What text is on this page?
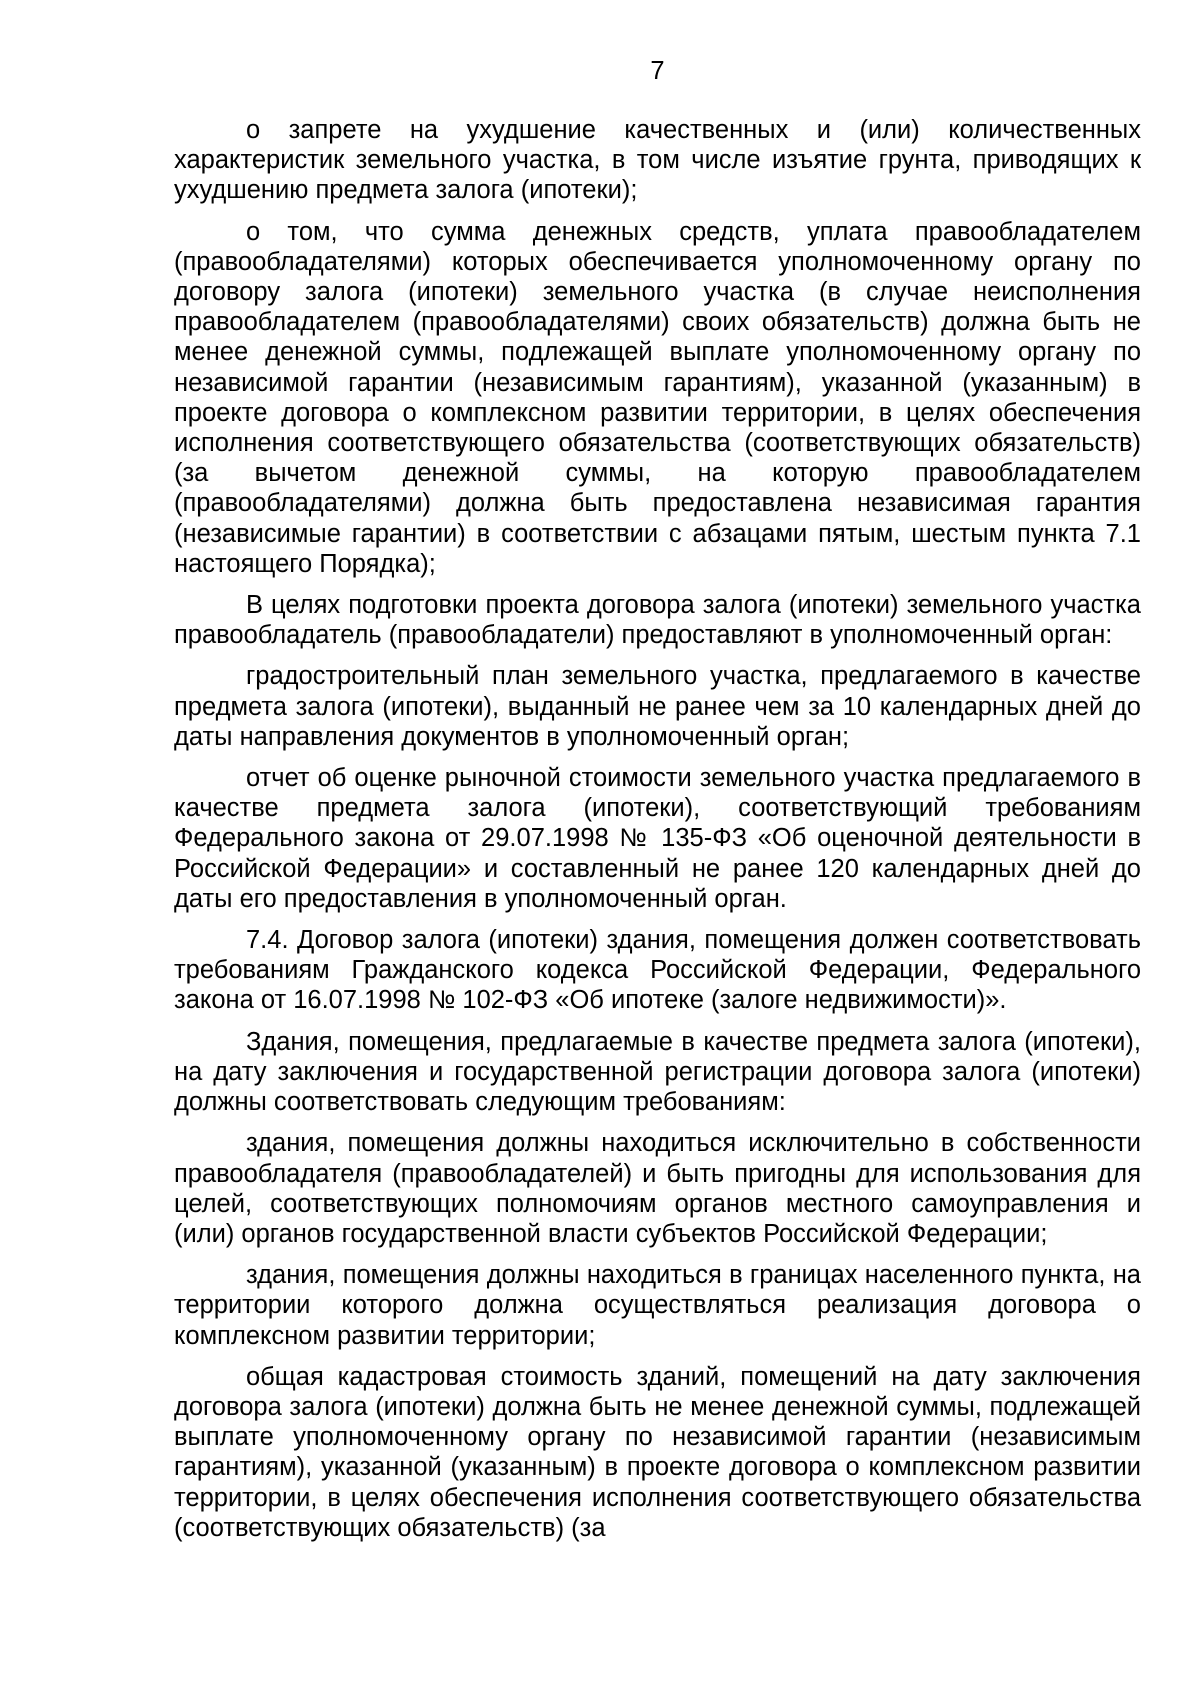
7

о запрете на ухудшение качественных и (или) количественных характеристик земельного участка, в том числе изъятие грунта, приводящих к ухудшению предмета залога (ипотеки);

о том, что сумма денежных средств, уплата правообладателем (правообладателями) которых обеспечивается уполномоченному органу по договору залога (ипотеки) земельного участка (в случае неисполнения правообладателем (правообладателями) своих обязательств) должна быть не менее денежной суммы, подлежащей выплате уполномоченному органу по независимой гарантии (независимым гарантиям), указанной (указанным) в проекте договора о комплексном развитии территории, в целях обеспечения исполнения соответствующего обязательства (соответствующих обязательств) (за вычетом денежной суммы, на которую правообладателем (правообладателями) должна быть предоставлена независимая гарантия (независимые гарантии) в соответствии с абзацами пятым, шестым пункта 7.1 настоящего Порядка);

В целях подготовки проекта договора залога (ипотеки) земельного участка правообладатель (правообладатели) предоставляют в уполномоченный орган:

градостроительный план земельного участка, предлагаемого в качестве предмета залога (ипотеки), выданный не ранее чем за 10 календарных дней до даты направления документов в уполномоченный орган;

отчет об оценке рыночной стоимости земельного участка предлагаемого в качестве предмета залога (ипотеки), соответствующий требованиям Федерального закона от 29.07.1998 № 135-ФЗ «Об оценочной деятельности в Российской Федерации» и составленный не ранее 120 календарных дней до даты его предоставления в уполномоченный орган.

7.4. Договор залога (ипотеки) здания, помещения должен соответствовать требованиям Гражданского кодекса Российской Федерации, Федерального закона от 16.07.1998 № 102-ФЗ «Об ипотеке (залоге недвижимости)».

Здания, помещения, предлагаемые в качестве предмета залога (ипотеки), на дату заключения и государственной регистрации договора залога (ипотеки) должны соответствовать следующим требованиям:

здания, помещения должны находиться исключительно в собственности правообладателя (правообладателей) и быть пригодны для использования для целей, соответствующих полномочиям органов местного самоуправления и (или) органов государственной власти субъектов Российской Федерации;

здания, помещения должны находиться в границах населенного пункта, на территории которого должна осуществляться реализация договора о комплексном развитии территории;

общая кадастровая стоимость зданий, помещений на дату заключения договора залога (ипотеки) должна быть не менее денежной суммы, подлежащей выплате уполномоченному органу по независимой гарантии (независимым гарантиям), указанной (указанным) в проекте договора о комплексном развитии территории, в целях обеспечения исполнения соответствующего обязательства (соответствующих обязательств) (за
